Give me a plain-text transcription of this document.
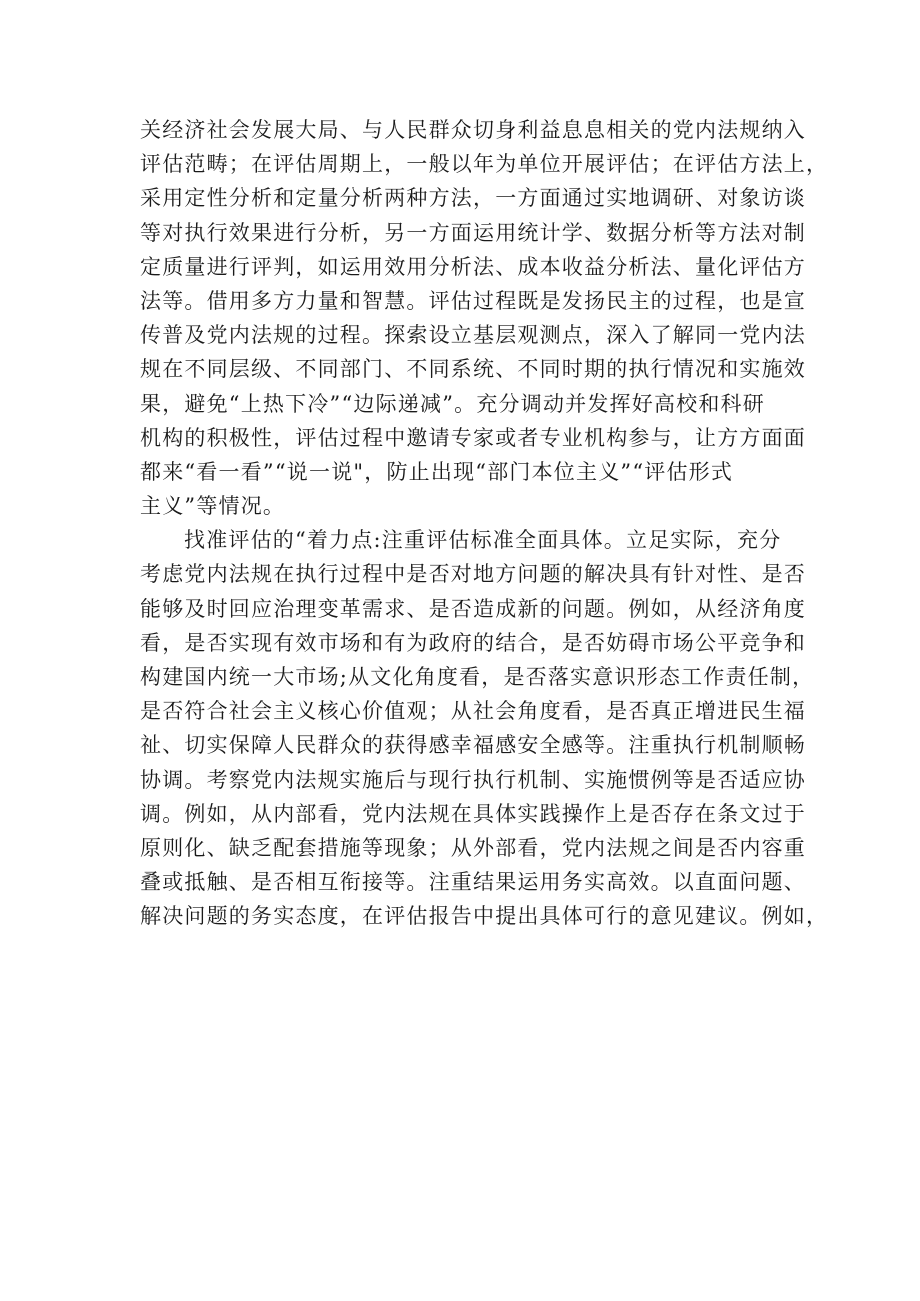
关经济社会发展大局、与人民群众切身利益息息相关的党内法规纳入
评估范畴；在评估周期上，一般以年为单位开展评估；在评估方法上，
采用定性分析和定量分析两种方法，一方面通过实地调研、对象访谈
等对执行效果进行分析，另一方面运用统计学、数据分析等方法对制
定质量进行评判，如运用效用分析法、成本收益分析法、量化评估方
法等。借用多方力量和智慧。评估过程既是发扬民主的过程，也是宣
传普及党内法规的过程。探索设立基层观测点，深入了解同一党内法
规在不同层级、不同部门、不同系统、不同时期的执行情况和实施效
果，避免“上热下冷”“边际递减”。充分调动并发挥好高校和科研
机构的积极性，评估过程中邀请专家或者专业机构参与，让方方面面
都来“看一看”“说一说"，防止出现“部门本位主义”“评估形式
主义”等情况。
找准评估的“着力点:注重评估标准全面具体。立足实际，充分
考虑党内法规在执行过程中是否对地方问题的解决具有针对性、是否
能够及时回应治理变革需求、是否造成新的问题。例如，从经济角度
看，是否实现有效市场和有为政府的结合，是否妨碍市场公平竞争和
构建国内统一大市场;从文化角度看，是否落实意识形态工作责任制，
是否符合社会主义核心价值观；从社会角度看，是否真正增进民生福
祉、切实保障人民群众的获得感幸福感安全感等。注重执行机制顺畅
协调。考察党内法规实施后与现行执行机制、实施惯例等是否适应协
调。例如，从内部看，党内法规在具体实践操作上是否存在条文过于
原则化、缺乏配套措施等现象；从外部看，党内法规之间是否内容重
叠或抵触、是否相互衔接等。注重结果运用务实高效。以直面问题、
解决问题的务实态度，在评估报告中提出具体可行的意见建议。例如，
